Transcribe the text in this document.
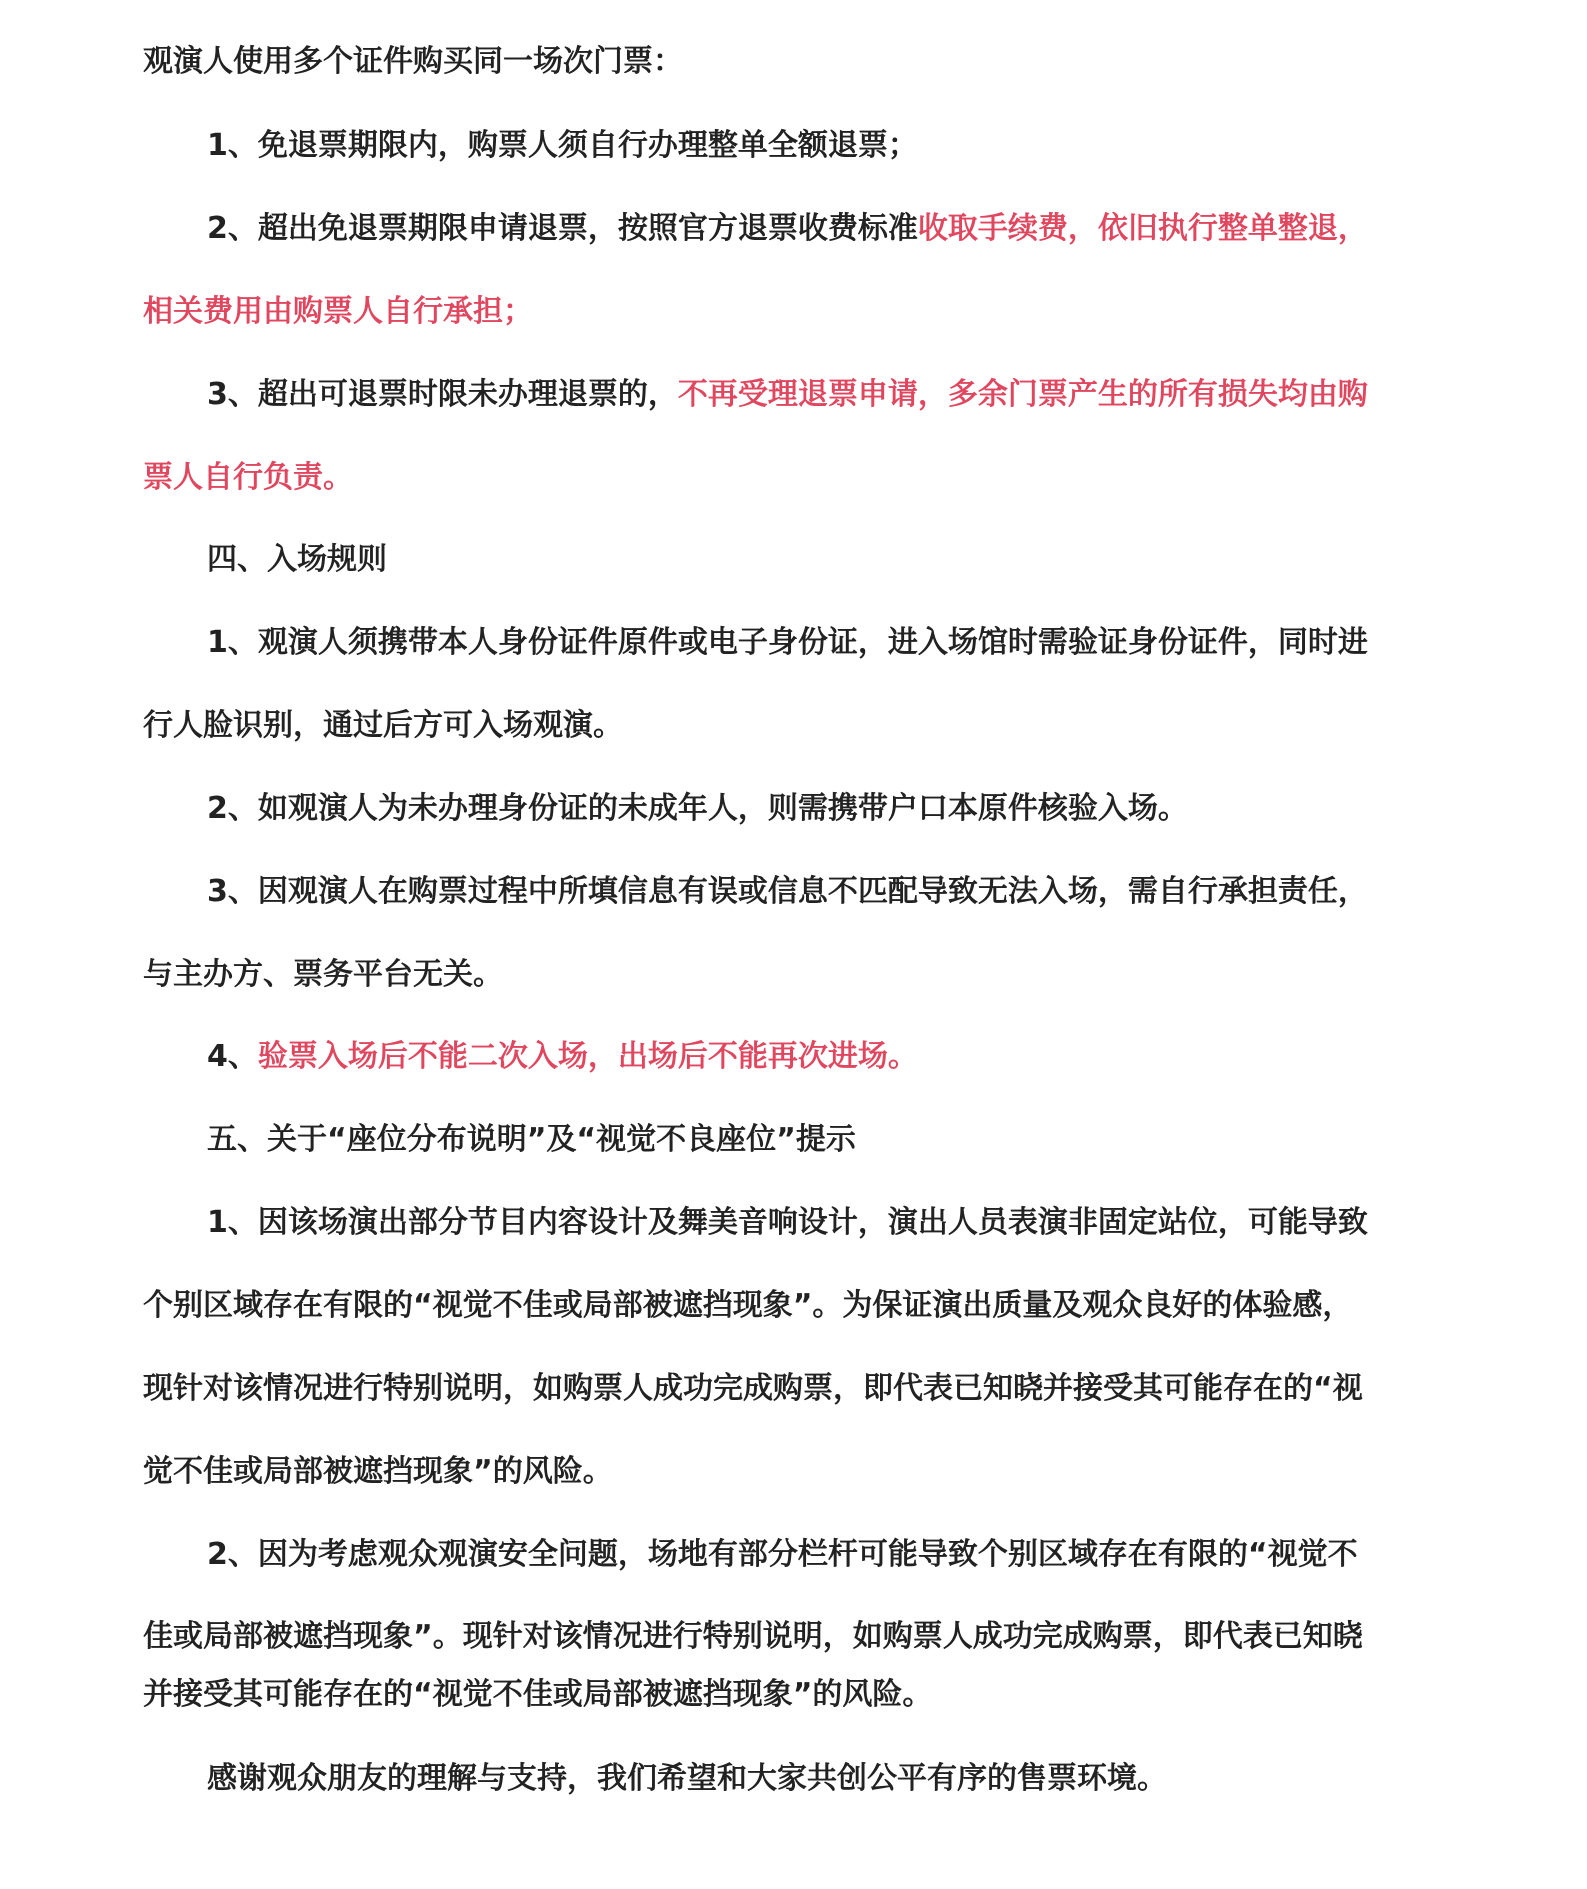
观演人使用多个证件购买同一场次门票：
1、免退票期限内，购票人须自行办理整单全额退票；
2、超出免退票期限申请退票，按照官方退票收费标准收取手续费，依旧执行整单整退，
相关费用由购票人自行承担；
3、超出可退票时限未办理退票的，不再受理退票申请，多余门票产生的所有损失均由购
票人自行负责。
四、入场规则
1、观演人须携带本人身份证件原件或电子身份证，进入场馆时需验证身份证件，同时进
行人脸识别，通过后方可入场观演。
2、如观演人为未办理身份证的未成年人，则需携带户口本原件核验入场。
3、因观演人在购票过程中所填信息有误或信息不匹配导致无法入场，需自行承担责任，
与主办方、票务平台无关。
4、验票入场后不能二次入场，出场后不能再次进场。
五、关于“座位分布说明”及“视觉不良座位”提示
1、因该场演出部分节目内容设计及舞美音响设计，演出人员表演非固定站位，可能导致
个别区域存在有限的“视觉不佳或局部被遮挡现象”。为保证演出质量及观众良好的体验感，
现针对该情况进行特别说明，如购票人成功完成购票，即代表已知晓并接受其可能存在的“视
觉不佳或局部被遮挡现象”的风险。
2、因为考虑观众观演安全问题，场地有部分栏杆可能导致个别区域存在有限的“视觉不
佳或局部被遮挡现象”。现针对该情况进行特别说明，如购票人成功完成购票，即代表已知晓
并接受其可能存在的“视觉不佳或局部被遮挡现象”的风险。
感谢观众朋友的理解与支持，我们希望和大家共创公平有序的售票环境。
